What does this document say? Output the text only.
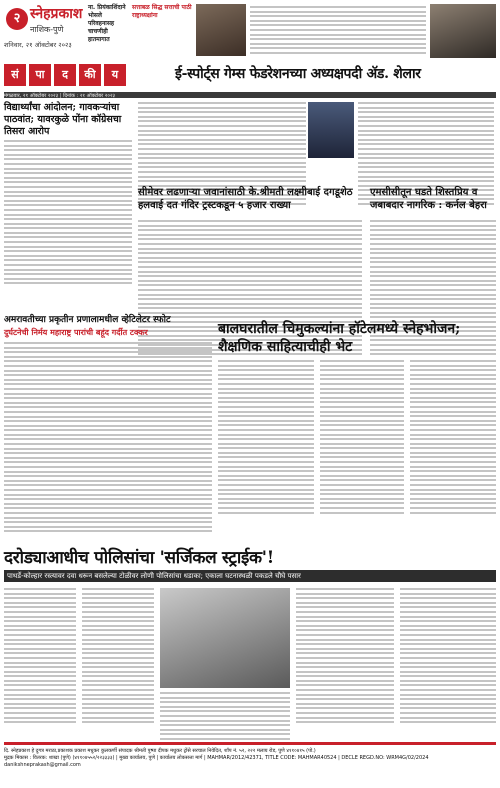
२ स्नेहप्रकाश
नाशिक-पुणे
शनिवार, २१ ऑक्टोबर २०२३
ना. प्रियंकाशिंदाने भोसले परिवहनासह चाचणीही हातमागात
सत्ताबळ सिद्ध सत्ताची पाठी राष्ट्राध्यक्षांना
सं	पा	द	की	य	ई-स्पोर्ट्स गेम्स फेडरेशनच्या अध्यक्षपदी ॲड. शेलार
मंगळवार, २१ ऑक्टोबर २०२३ | दिनांक : २१ ऑक्टोबर २०२३
विद्यार्थ्यांचा आंदोलन; गावकऱ्यांचा पाठवांत; यावरकुळे पोंना कॉग्रेसचा तिसरा आरोप
सीमेवर लढणाऱ्या जवानांसाठी के.श्रीमती लक्ष्मीबाई दगडूशेठ हलवाई दत गंदिर ट्रस्टकडून ५ हजार राख्या
एमसीसीतून घडते शिस्तप्रिय व जबाबदार नागरिक : कर्नल बेहरा
अमरावतीच्या प्रकृतीन प्रणालामधील व्हेटिलेटर स्फोट
दुर्घटनेची निर्मय महाराष्ट्र पारांची बहूंद गर्दीत टक्कर	बालघरातील चिमुकल्यांना हॉटेलमध्ये स्नेहभोजन; शैक्षणिक साहित्याचीही भेट
दरोड्याआधीच पोलिसांचा 'सर्जिकल स्ट्राईक'!
पाथर्डे-कोल्हार रस्त्यावर दवा धरून बसलेल्या टोळीवर लोणी पोलिसांचा धडाका; एकाला घटनास्थळी पकडले चौघे पसार
दि. स्नेहप्रकाश हे दुगत्र मराठा,प्रकाशक प्रकाश मधुकर कुलकर्णी संपादक श्रीमती पुष्पा दीपक मधुकर ट्रोंसे सरचाल निवेदित, शॉप नं. ५२, २२२ मलाय रोड, पुणे ४११०४१५ (पो.)
मुद्रक मिकास : वितरक: शाखा (पुणे) (४११०४५५२/२२३३३३) | मुख्य कार्यालय, पुणे | कार्यालय लोकसत्ता मार्ग | MAHMAR/2012/42371, TITLE CODE: MAHMAR40524 | DECLE REGD.NO: WRM4G/02/2024
danikshneprakash@gmail.com
